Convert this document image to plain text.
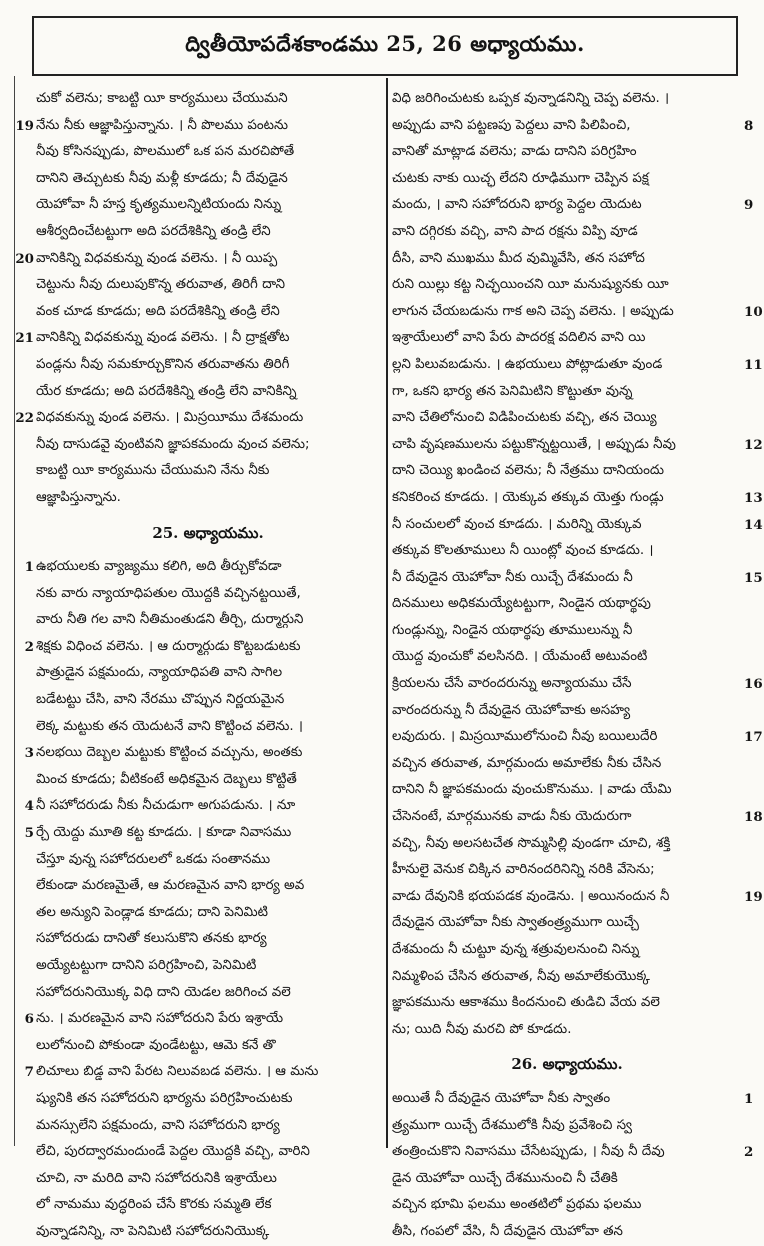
ద్వితీయోపదేశకాండము 25, 26 అధ్యాయము.
చుకో వలెను; కాబట్టి యీ కార్యములు చేయుమని
19 నేను నీకు ఆజ్ఞాపిస్తున్నాను. । నీ పొలము పంటను
నీవు కోసినప్పుడు, పొలములో ఒక పన మరచిపోతే
దానిని తెచ్చుటకు నీవు మళ్లీ కూడదు; నీ దేవుడైన
యెహోవా నీ హస్త కృత్యములన్నిటియందు నిన్ను
ఆశీర్వదించేటట్టుగా అది పరదేశికిన్ని తండ్రి లేని
20 వానికిన్ని విధవకున్ను వుండ వలెను. । నీ యిప్ప
చెట్టును నీవు దులుపుకొన్న తరువాత, తిరిగీ దాని
వంక చూడ కూడదు; అది పరదేశికిన్ని తండ్రి లేని
21 వానికిన్ని విధవకున్ను వుండ వలెను. । నీ ద్రాక్షతోట
పండ్లను నీవు సమకూర్చుకొనిన తరువాతను తిరిగీ
యేర కూడదు; అది పరదేశికిన్ని తండ్రి లేని వానికిన్ని
22 విధవకున్ను వుండ వలెను. । మిస్రయీము దేశమందు
నీవు దాసుడవై వుంటివని జ్ఞాపకమందు వుంచ వలెను;
కాబట్టి యీ కార్యమును చేయుమని నేను నీకు
ఆజ్ఞాపిస్తున్నాను.
25. అధ్యాయము.
1 ఉభయులకు వ్యాజ్యము కలిగి, అది తీర్చుకోవడా
నకు వారు న్యాయాధిపతుల యొద్దకి వచ్చినట్టయితే,
వారు నీతి గల వాని నీతిమంతుడని తీర్చి, దుర్మార్గుని
2 శిక్షకు విధించ వలెను. । ఆ దుర్మార్గుడు కొట్టబడుటకు
పాత్రుడైన పక్షమందు, న్యాయాధిపతి వాని సాగిల
బడేటట్టు చేసి, వాని నేరము చొప్పున నిర్ణయమైన
లెక్క మట్టుకు తన యెదుటనే వాని కొట్టించ వలెను. ।
3 నలభయి దెబ్బల మట్టుకు కొట్టించ వచ్చును, అంతకు
మించ కూడదు; వీటికంటే అధికమైన దెబ్బలు కొట్టితే
4 నీ సహోదరుడు నీకు నీచుడుగా అగుపడును. । నూ
5 ర్చే యెద్దు మూతి కట్ట కూడదు. । కూడా నివాసము
చేస్తూ వున్న సహోదరులలో ఒకడు సంతానము
లేకుండా మరణమైతే, ఆ మరణమైన వాని భార్య అవ
తల అన్యుని పెండ్లాడ కూడదు; దాని పెనిమిటి
సహోదరుడు దానితో కలుసుకొని తనకు భార్య
అయ్యేటట్టుగా దానిని పరిగ్రహించి, పెనిమిటి
సహోదరునియొక్క విధి దాని యెడల జరిగించ వలె
6 ను. । మరణమైన వాని సహోదరుని పేరు ఇశ్రాయే
లులోనుంచి పోకుండా వుండేటట్టు, ఆమె కనే తొ
7 లిచూలు బిడ్డ వాని పేరట నిలువబడ వలెను. । ఆ మను
ష్యునికి తన సహోదరుని భార్యను పరిగ్రహించుటకు
మనస్సులేని పక్షమందు, వాని సహోదరుని భార్య
లేచి, పురద్వారమందుండే పెద్దల యొద్దకి వచ్చి, వారిని
చూచి, నా మరిది వాని సహోదరునికి ఇశ్రాయేలు
లో నామము వుద్ధరింప చేసే కొరకు సమ్మతి లేక
వున్నాడనిన్ని, నా పెనిమిటి సహోదరునియొక్క
విధి జరిగించుటకు ఒప్పక వున్నాడనిన్ని చెప్ప వలెను. ।
8
అప్పుడు వాని పట్టణపు పెద్దలు వాని పిలిపించి,
వానితో మాట్లాడ వలెను; వాడు దానిని పరిగ్రహిం
చుటకు నాకు యిచ్ఛ లేదని రూఢిముగా చెప్పిన పక్ష
9
మందు, । వాని సహోదరుని భార్య పెద్దల యెదుట
వాని దగ్గిరకు వచ్చి, వాని పాద రక్షను విప్పి వూడ
దీసి, వాని ముఖము మీద వుమ్మివేసి, తన సహోద
రుని యిల్లు కట్ట నిచ్ఛయించని యీ మనుష్యునకు యీ
10
లాగున చేయబడును గాక అని చెప్ప వలెను. । అప్పుడు
ఇశ్రాయేలులో వాని పేరు పాదరక్ష వదిలిన వాని యి
11
ల్లని పిలువబడును. । ఉభయులు పోట్లాడుతూ వుండ
గా, ఒకని భార్య తన పెనిమిటిని కొట్టుతూ వున్న
వాని చేతిలోనుంచి విడిపించుటకు వచ్చి, తన చెయ్యి
12
చాపి వృషణములను పట్టుకొన్నట్టయితే, । అప్పుడు నీవు
దాని చెయ్యి ఖండించ వలెను; నీ నేత్రము దానియందు
13
కనికరించ కూడదు. । యెక్కువ తక్కువ యెత్తు గుండ్లు
14
నీ సంచులలో వుంచ కూడదు. । మరిన్ని యెక్కువ
తక్కువ కొలతూములు నీ యింట్లో వుంచ కూడదు. ।
15
నీ దేవుడైన యెహోవా నీకు యిచ్చే దేశమందు నీ
దినములు అధికమయ్యేటట్టుగా, నిండైన యథార్థపు
గుండ్లున్ను, నిండైన యథార్థపు తూములున్ను నీ
యొద్ద వుంచుకో వలసినది. । యేమంటే అటువంటి
16
క్రియలను చేసే వారందరున్ను అన్యాయము చేసే
వారందరున్ను నీ దేవుడైన యెహోవాకు అసహ్య
17
లవుదురు. । మిస్రయీములోనుంచి నీవు బయిలుదేరి
వచ్చిన తరువాత, మార్గమందు అమాలేకు నీకు చేసిన
దానిని నీ జ్ఞాపకమందు వుంచుకొనుము. । వాడు యేమి
18
చేసెనంటే, మార్గమునకు వాడు నీకు యెదురుగా
వచ్చి, నీవు అలసటచేత సొమ్మసిల్లి వుండగా చూచి, శక్తి
హీనులై వెనుక చిక్కిన వారినందరినిన్ని నరికి వేసెను;
19
వాడు దేవునికి భయపడక వుండెను. । అయినందున నీ
దేవుడైన యెహోవా నీకు స్వాతంత్ర్యముగా యిచ్చే
దేశమందు నీ చుట్టూ వున్న శత్రువులనుంచి నిన్ను
నిమ్మళింప చేసిన తరువాత, నీవు అమాలేకుయొక్క
జ్ఞాపకమును ఆకాశము కిందనుంచి తుడిచి వేయ వలె
ను; యిది నీవు మరచి పో కూడదు.
26. అధ్యాయము.
1
అయితే నీ దేవుడైన యెహోవా నీకు స్వాతం
త్ర్యముగా యిచ్చే దేశములోకి నీవు ప్రవేశించి స్వ
2
తంత్రించుకొని నివాసము చేసేటప్పుడు, । నీవు నీ దేవు
డైన యెహోవా యిచ్చే దేశమునుంచి నీ చేతికి
వచ్చిన భూమి ఫలము అంతటిలో ప్రథమ ఫలము
తీసి, గంపలో వేసి, నీ దేవుడైన యెహోవా తన
